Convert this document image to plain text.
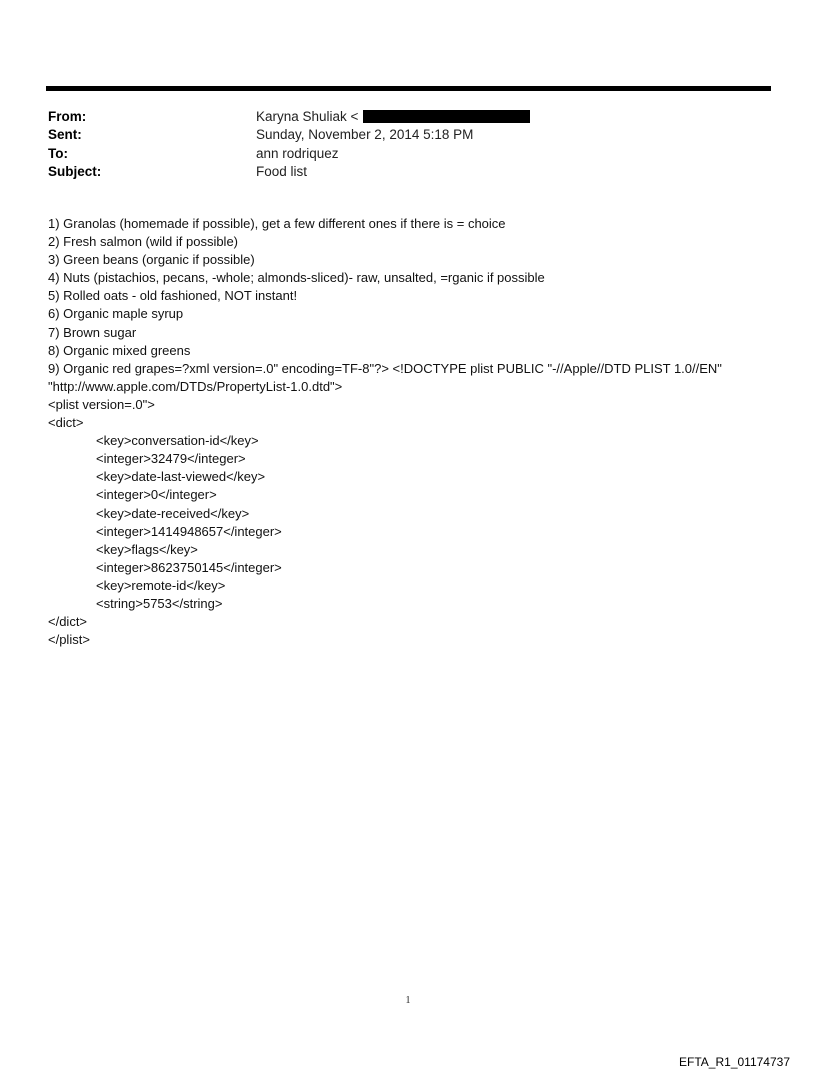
From:	Karyna Shuliak <
Sent:	Sunday, November 2, 2014 5:18 PM
To:	ann rodriquez
Subject:	Food list
1) Granolas (homemade if possible), get a few different ones if there is = choice
2) Fresh salmon (wild if possible)
3) Green beans (organic if possible)
4) Nuts (pistachios, pecans, -whole; almonds-sliced)- raw, unsalted, =rganic if possible
5) Rolled oats - old fashioned, NOT instant!
6) Organic maple syrup
7) Brown sugar
8) Organic mixed greens
9) Organic red grapes=?xml version=.0" encoding=TF-8"?> <!DOCTYPE plist PUBLIC "-//Apple//DTD PLIST 1.0//EN"
"http://www.apple.com/DTDs/PropertyList-1.0.dtd">
<plist version=.0">
<dict>
<key>conversation-id</key>
<integer>32479</integer>
<key>date-last-viewed</key>
<integer>0</integer>
<key>date-received</key>
<integer>1414948657</integer>
<key>flags</key>
<integer>8623750145</integer>
<key>remote-id</key>
<string>5753</string>
</dict>
</plist>
1
EFTA_R1_01174737
